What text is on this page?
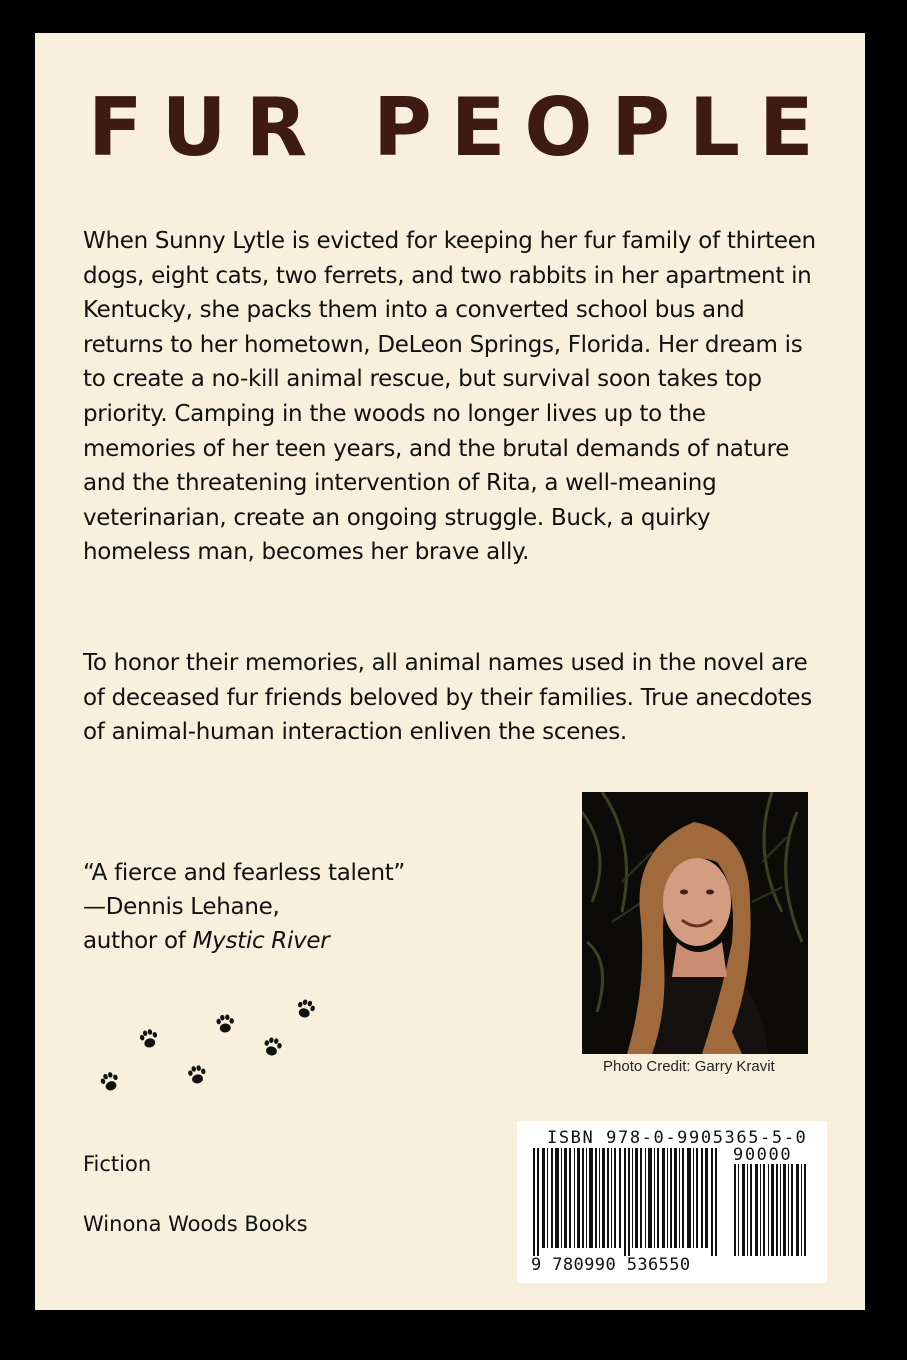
FUR PEOPLE

When Sunny Lytle is evicted for keeping her fur family of thirteen dogs, eight cats, two ferrets, and two rabbits in her apartment in Kentucky, she packs them into a converted school bus and returns to her hometown, DeLeon Springs, Florida. Her dream is to create a no-kill animal rescue, but survival soon takes top priority. Camping in the woods no longer lives up to the memories of her teen years, and the brutal demands of nature and the threatening intervention of Rita, a well-meaning veterinarian, create an ongoing struggle. Buck, a quirky homeless man, becomes her brave ally.

To honor their memories, all animal names used in the novel are of deceased fur friends beloved by their families. True anecdotes of animal-human interaction enliven the scenes.

“A fierce and fearless talent”
—Dennis Lehane,
author of Mystic River
Photo Credit: Garry Kravit
Fiction
Winona Woods Books
ISBN 978-0-9905365-5-0
90000
9 780990 536550
